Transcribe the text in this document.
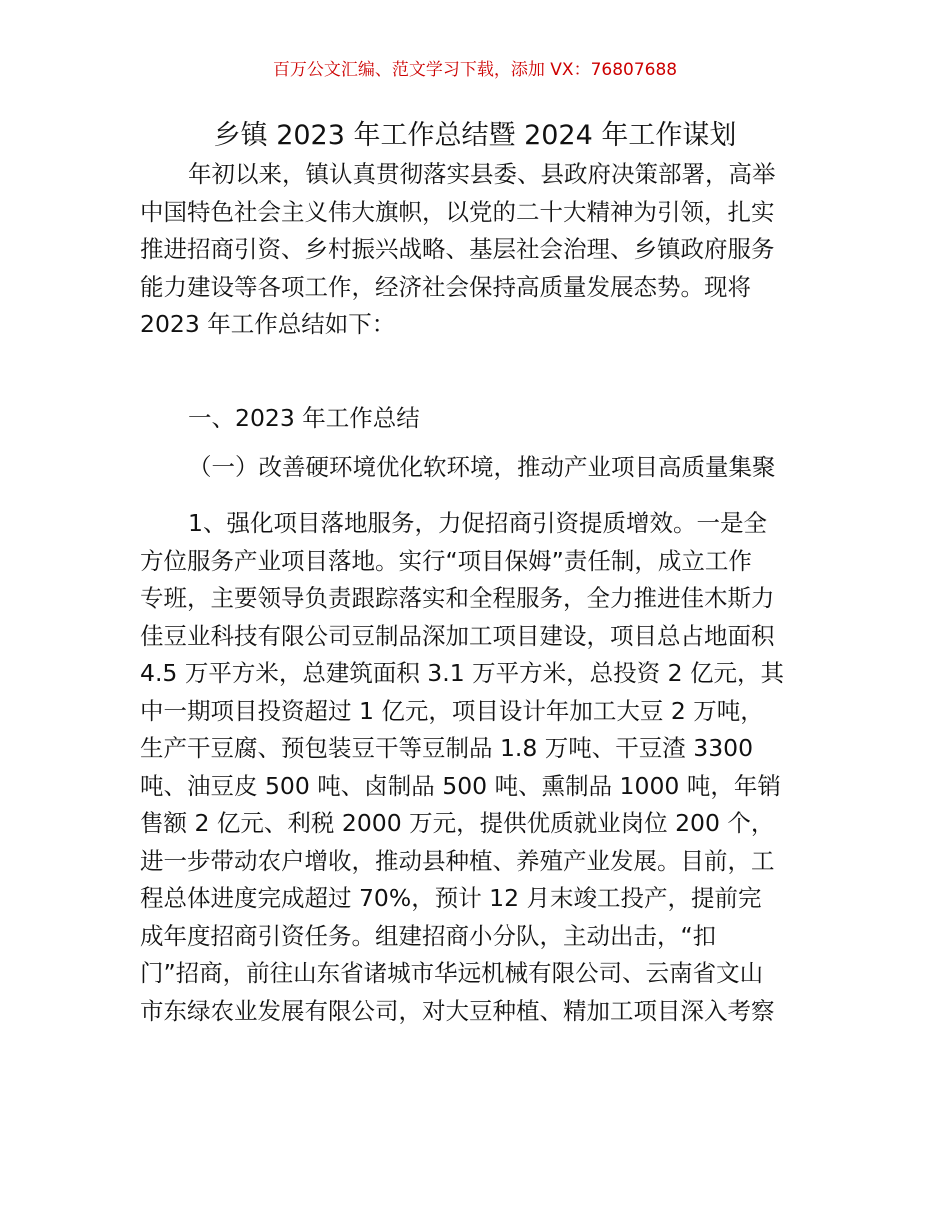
百万公文汇编、范文学习下载，添加 VX：76807688
乡镇 2023 年工作总结暨 2024 年工作谋划
年初以来，镇认真贯彻落实县委、县政府决策部署，高举
中国特色社会主义伟大旗帜，以党的二十大精神为引领，扎实
推进招商引资、乡村振兴战略、基层社会治理、乡镇政府服务
能力建设等各项工作，经济社会保持高质量发展态势。现将
2023 年工作总结如下：
一、2023 年工作总结
（一）改善硬环境优化软环境，推动产业项目高质量集聚
1、强化项目落地服务，力促招商引资提质增效。一是全
方位服务产业项目落地。实行“项目保姆”责任制，成立工作
专班，主要领导负责跟踪落实和全程服务，全力推进佳木斯力
佳豆业科技有限公司豆制品深加工项目建设，项目总占地面积
4.5 万平方米，总建筑面积 3.1 万平方米，总投资 2 亿元，其
中一期项目投资超过 1 亿元，项目设计年加工大豆 2 万吨，
生产干豆腐、预包装豆干等豆制品 1.8 万吨、干豆渣 3300
吨、油豆皮 500 吨、卤制品 500 吨、熏制品 1000 吨，年销
售额 2 亿元、利税 2000 万元，提供优质就业岗位 200 个，
进一步带动农户增收，推动县种植、养殖产业发展。目前，工
程总体进度完成超过 70%，预计 12 月末竣工投产，提前完
成年度招商引资任务。组建招商小分队，主动出击，“扣
门”招商，前往山东省诸城市华远机械有限公司、云南省文山
市东绿农业发展有限公司，对大豆种植、精加工项目深入考察
